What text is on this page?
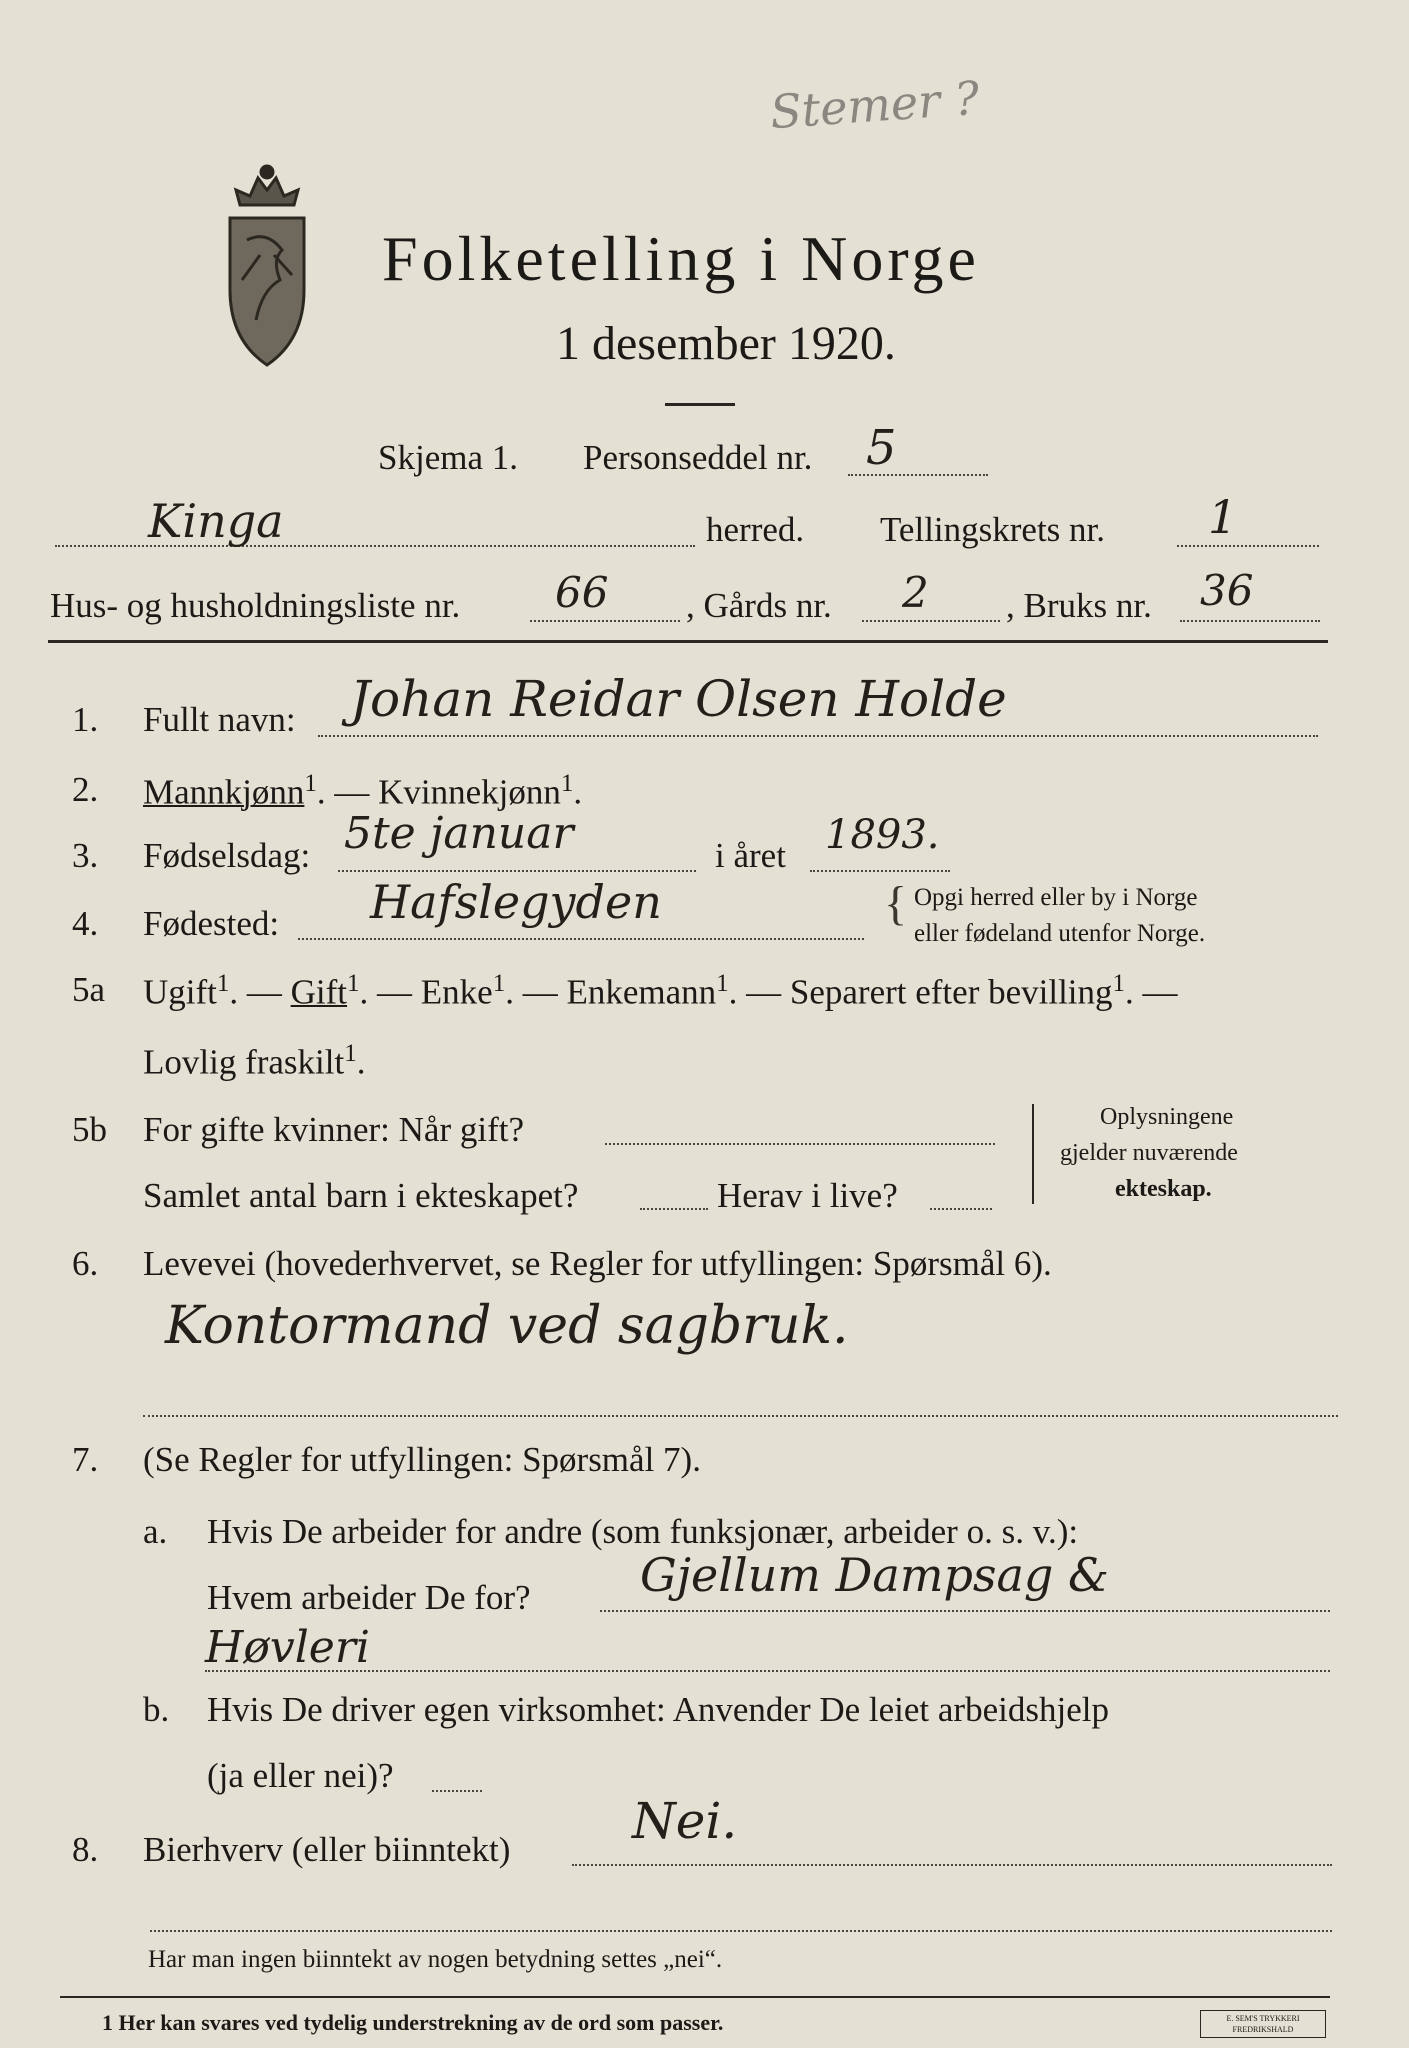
Stemer ?
Folketelling i Norge
1 desember 1920.
Skjema 1. Personseddel nr. 5
Kinga	herred. Tellingskrets nr. 1
Hus- og husholdningsliste nr. 66 , Gårds nr. 2 , Bruks nr. 36
1. Fullt navn: Johan Reidar Olsen Holde
2. Mannkjønn$^1$. — Kvinnekjønn$^1$.
3. Fødselsdag: 5te januar	i året 1893.
4. Fødested: Hafslegyden	{ Opgi herred eller by i Norge
eller fødeland utenfor Norge.
5a Ugift$^1$. — Gift$^1$. — Enke$^1$. — Enkemann$^1$. — Separert efter bevilling$^1$. —
Lovlig fraskilt$^1$.
5b For gifte kvinner: Når gift?
Samlet antal barn i ekteskapet?	Herav i live?
Oplysningene
gjelder nuværende
ekteskap.
6. Levevei (hovederhvervet, se Regler for utfyllingen: Spørsmål 6).
Kontormand ved sagbruk.
7. (Se Regler for utfyllingen: Spørsmål 7).
a. Hvis De arbeider for andre (som funksjonær, arbeider o. s. v.):
Hvem arbeider De for? Gjellum Dampsag &
Høvleri
b. Hvis De driver egen virksomhet: Anvender De leiet arbeidshjelp
(ja eller nei)?
8. Bierhverv (eller biinntekt) Nei.
Har man ingen biinntekt av nogen betydning settes „nei“.
1 Her kan svares ved tydelig understrekning av de ord som passer.	E. SEM'S TRYKKERI FREDRIKSHALD
